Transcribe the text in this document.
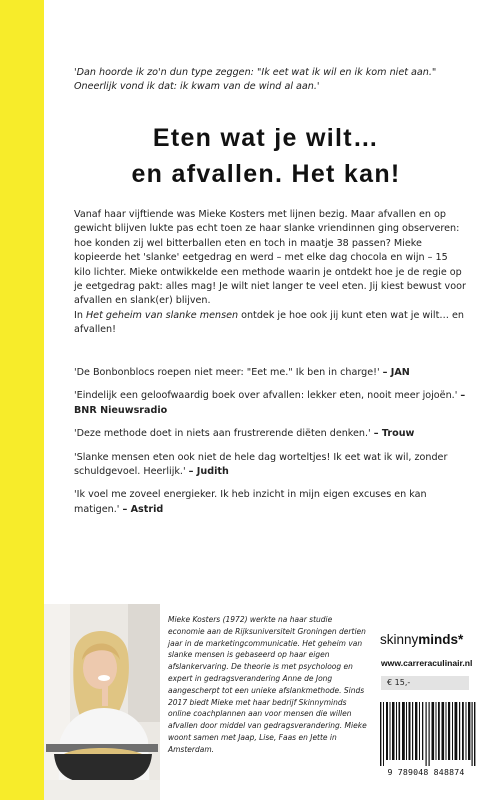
'Dan hoorde ik zo'n dun type zeggen: "Ik eet wat ik wil en ik kom niet aan." Oneerlijk vond ik dat: ik kwam van de wind al aan.'

Eten wat je wilt…
en afvallen. Het kan!
Vanaf haar vijftiende was Mieke Kosters met lijnen bezig. Maar afvallen en op gewicht blijven lukte pas echt toen ze haar slanke vriendinnen ging observeren: hoe konden zij wel bitterballen eten en toch in maatje 38 passen? Mieke kopieerde het 'slanke' eetgedrag en werd – met elke dag chocola en wijn – 15 kilo lichter. Mieke ontwikkelde een methode waarin je ontdekt hoe je de regie op je eetgedrag pakt: alles mag! Je wilt niet langer te veel eten. Jij kiest bewust voor afvallen en slank(er) blijven.
In Het geheim van slanke mensen ontdek je hoe ook jij kunt eten wat je wilt… en afvallen!
'De Bonbonblocs roepen niet meer: "Eet me." Ik ben in charge!' – JAN
'Eindelijk een geloofwaardig boek over afvallen: lekker eten, nooit meer jojoën.' – BNR Nieuwsradio
'Deze methode doet in niets aan frustrerende diëten denken.' – Trouw
'Slanke mensen eten ook niet de hele dag worteltjes! Ik eet wat ik wil, zonder schuldgevoel. Heerlijk.' – Judith
'Ik voel me zoveel energieker. Ik heb inzicht in mijn eigen excuses en kan matigen.' – Astrid

Mieke Kosters (1972) werkte na haar studie economie aan de Rijksuniversiteit Groningen dertien jaar in de marketingcommunicatie. Het geheim van slanke mensen is gebaseerd op haar eigen afslankervaring. De theorie is met psycholoog en expert in gedragsverandering Anne de Jong aangescherpt tot een unieke afslankmethode. Sinds 2017 biedt Mieke met haar bedrijf Skinnyminds online coachplannen aan voor mensen die willen afvallen door middel van gedragsverandering. Mieke woont samen met Jaap, Lise, Faas en Jette in Amsterdam.

skinnyminds*
www.carreraculinair.nl
€ 15,-
9 789048 848874
